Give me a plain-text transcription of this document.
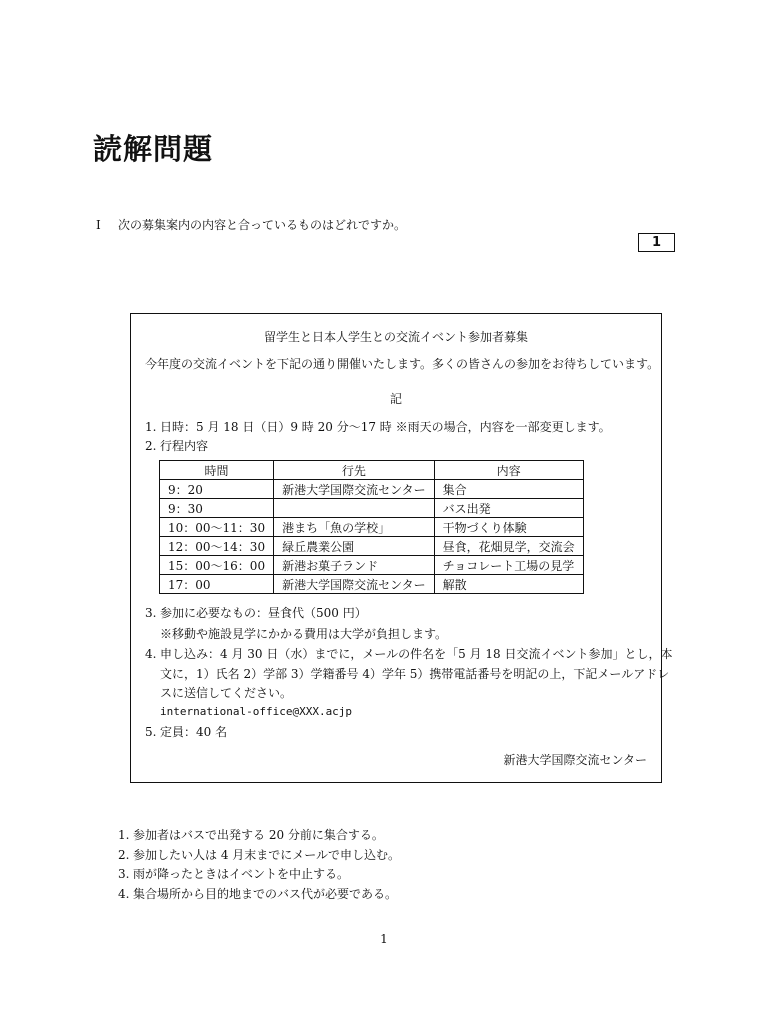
読解問題
Ⅰ 次の募集案内の内容と合っているものはどれですか。
1
留学生と日本人学生との交流イベント参加者募集
今年度の交流イベントを下記の通り開催いたします。多くの皆さんの参加をお待ちしています。
記
1. 日時：5 月 18 日（日）9 時 20 分〜17 時 ※雨天の場合，内容を一部変更します。
2. 行程内容
時間	行先	内容
9：20	新港大学国際交流センター	集合
9：30		バス出発
10：00〜11：30	港まち「魚の学校」	干物づくり体験
12：00〜14：30	緑丘農業公園	昼食，花畑見学，交流会
15：00〜16：00	新港お菓子ランド	チョコレート工場の見学
17：00	新港大学国際交流センター	解散
3. 参加に必要なもの：昼食代（500 円）
※移動や施設見学にかかる費用は大学が負担します。
4. 申し込み：4 月 30 日（水）までに，メールの件名を「5 月 18 日交流イベント参加」とし，本
文に，1）氏名 2）学部 3）学籍番号 4）学年 5）携帯電話番号を明記の上，下記メールアドレ
スに送信してください。
international-office@XXX.acjp
5. 定員：40 名
新港大学国際交流センター
1. 参加者はバスで出発する 20 分前に集合する。
2. 参加したい人は 4 月末までにメールで申し込む。
3. 雨が降ったときはイベントを中止する。
4. 集合場所から目的地までのバス代が必要である。
1
